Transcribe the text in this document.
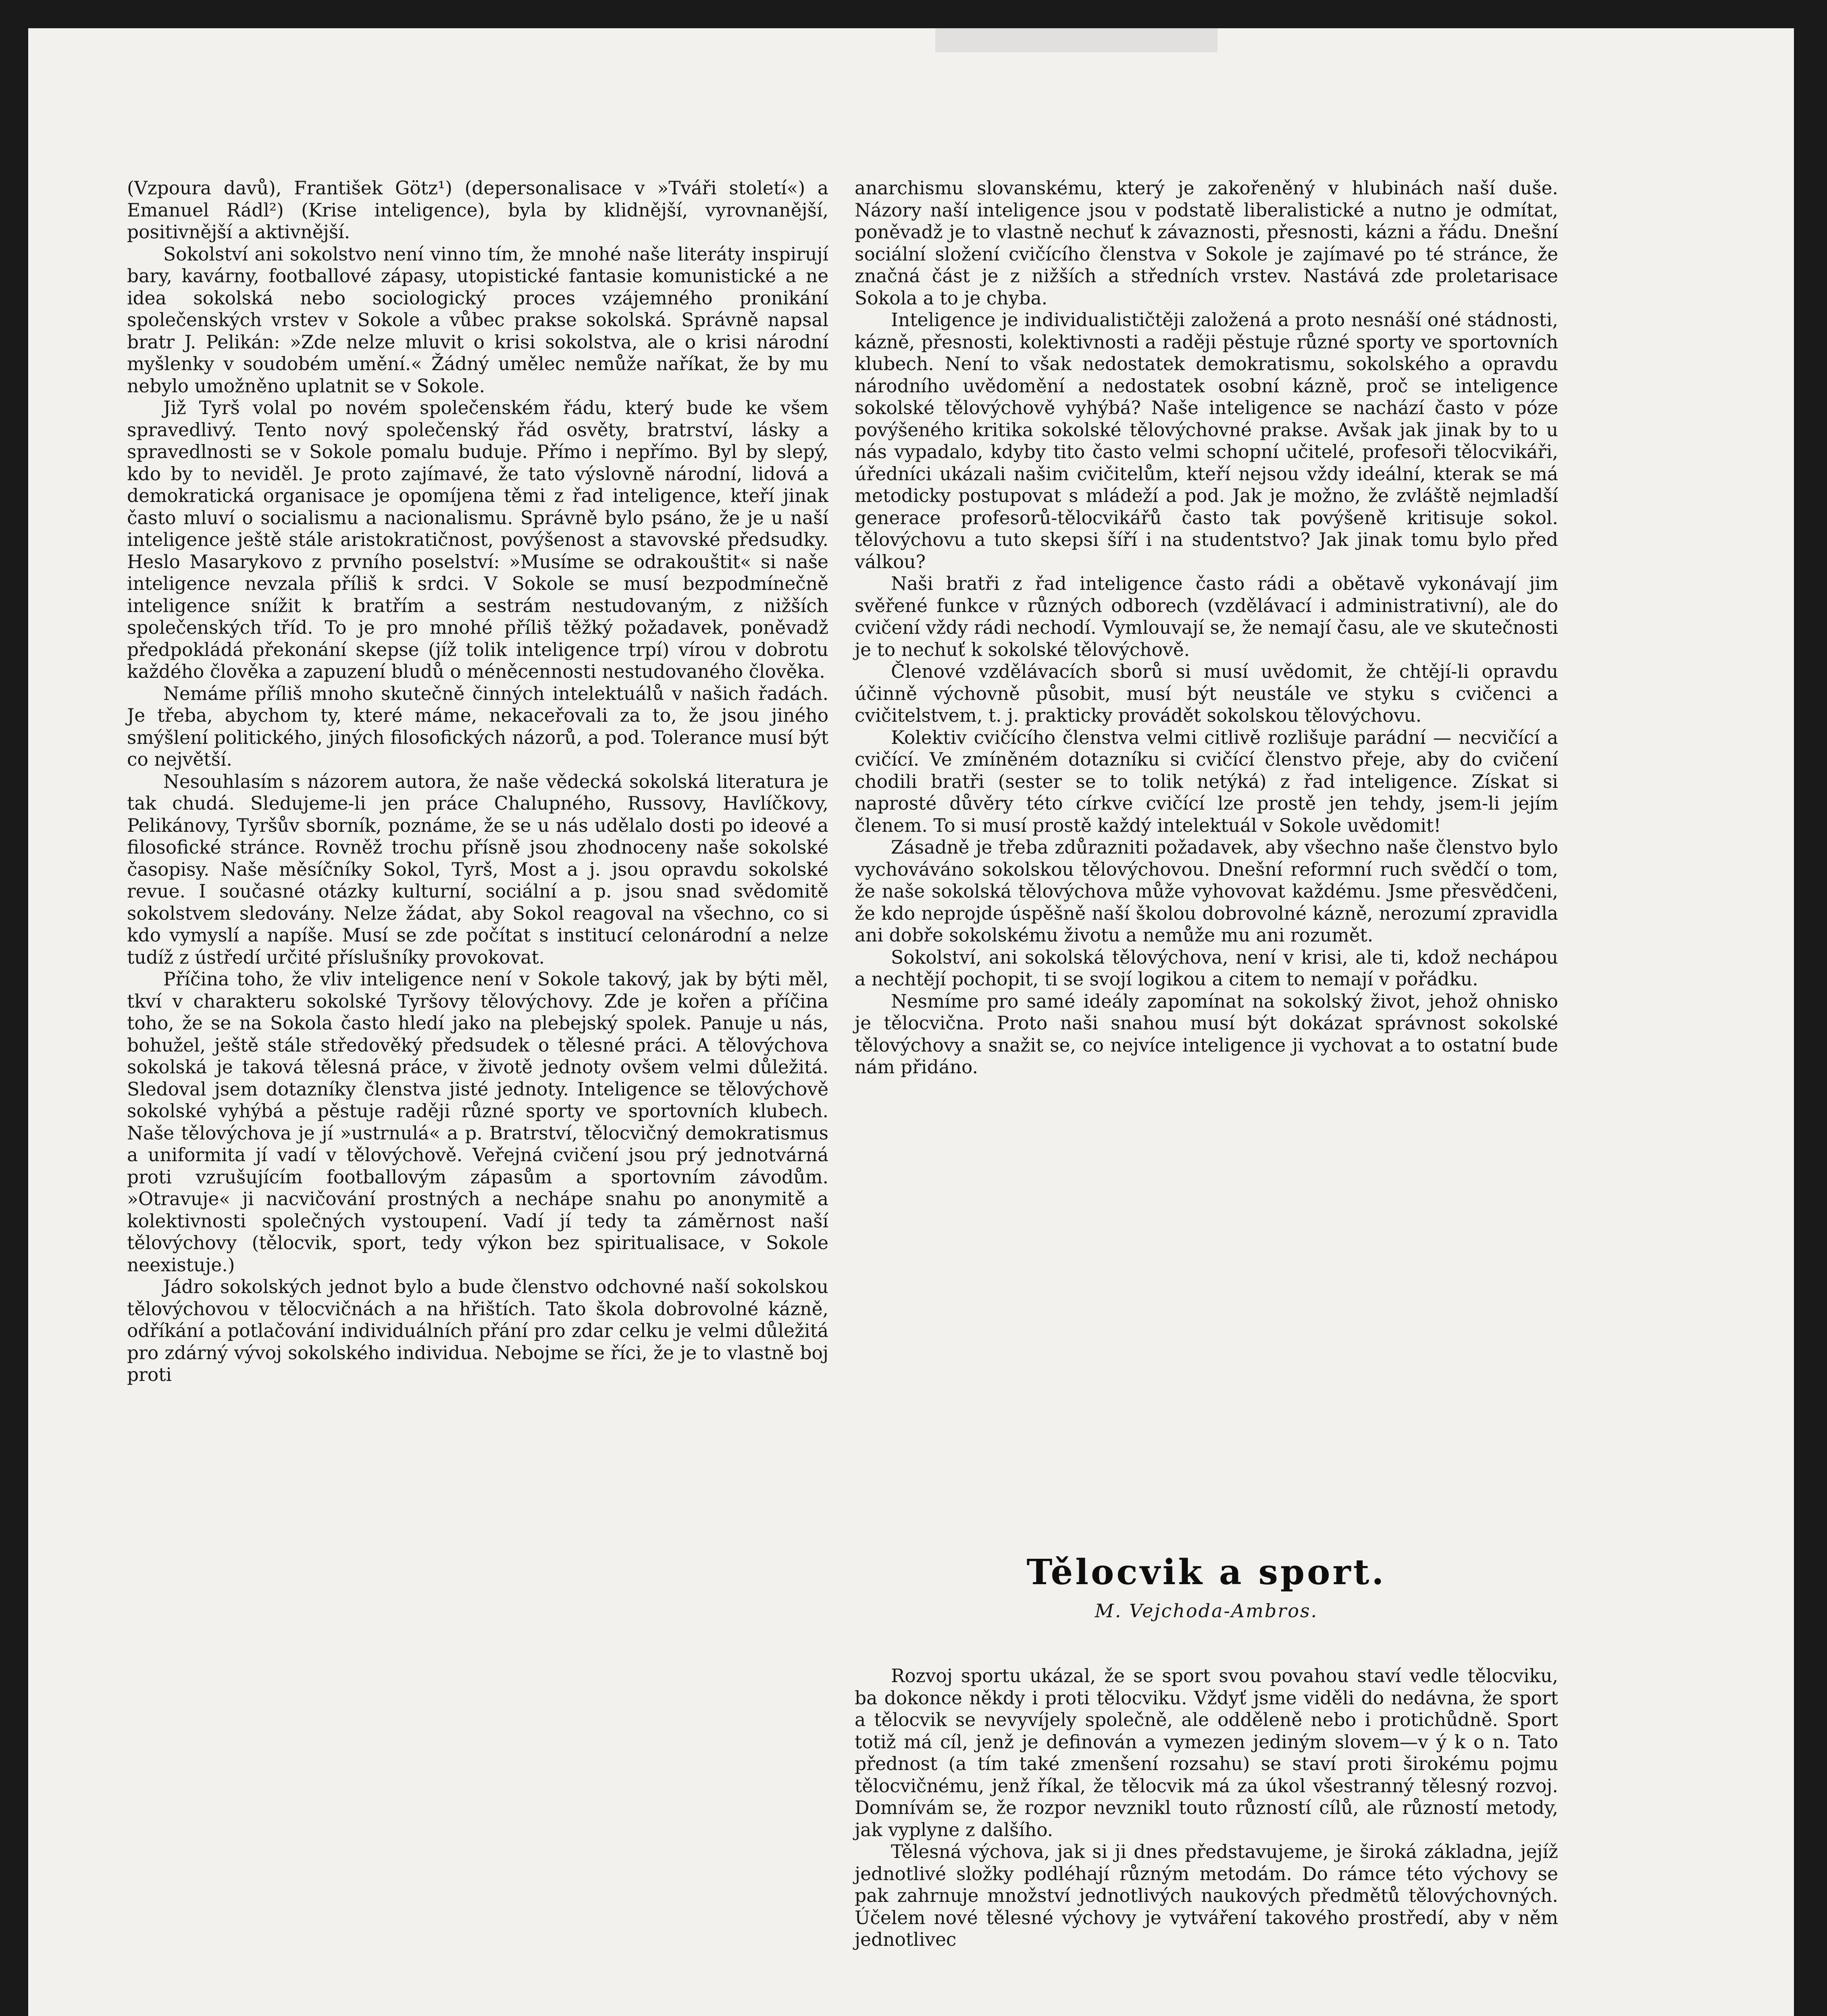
(Vzpoura davů), František Götz¹) (depersonalisace v »Tváři století«) a Emanuel Rádl²) (Krise inteligence), byla by klidnější, vyrovnanější, positivnější a aktivnější.

Sokolství ani sokolstvo není vinno tím, že mnohé naše literáty inspirují bary, kavárny, footballové zápasy, utopistické fantasie komunistické a ne idea sokolská nebo sociologický proces vzájemného pronikání společenských vrstev v Sokole a vůbec prakse sokolská. Správně napsal bratr J. Pelikán: »Zde nelze mluvit o krisi sokolstva, ale o krisi národní myšlenky v soudobém umění.« Žádný umělec nemůže naříkat, že by mu nebylo umožněno uplatnit se v Sokole.

Již Tyrš volal po novém společenském řádu, který bude ke všem spravedlivý. Tento nový společenský řád osvěty, bratrství, lásky a spravedlnosti se v Sokole pomalu buduje. Přímo i nepřímo. Byl by slepý, kdo by to neviděl. Je proto zajímavé, že tato výslovně národní, lidová a demokratická organisace je opomíjena těmi z řad inteligence, kteří jinak často mluví o socialismu a nacionalismu. Správně bylo psáno, že je u naší inteligence ještě stále aristokratičnost, povýšenost a stavovské předsudky. Heslo Masarykovo z prvního poselství: »Musíme se odrakouštit« si naše inteligence nevzala příliš k srdci. V Sokole se musí bezpodmínečně inteligence snížit k bratřím a sestrám nestudovaným, z nižších společenských tříd. To je pro mnohé příliš těžký požadavek, poněvadž předpokládá překonání skepse (jíž tolik inteligence trpí) vírou v dobrotu každého člověka a zapuzení bludů o méněcennosti nestudovaného člověka.

Nemáme příliš mnoho skutečně činných intelektuálů v našich řadách. Je třeba, abychom ty, které máme, nekaceřovali za to, že jsou jiného smýšlení politického, jiných filosofických názorů, a pod. Tolerance musí být co největší.

Nesouhlasím s názorem autora, že naše vědecká sokolská literatura je tak chudá. Sledujeme-li jen práce Chalupného, Russovy, Havlíčkovy, Pelikánovy, Tyršův sborník, poznáme, že se u nás udělalo dosti po ideové a filosofické stránce. Rovněž trochu přísně jsou zhodnoceny naše sokolské časopisy. Naše měsíčníky Sokol, Tyrš, Most a j. jsou opravdu sokolské revue. I současné otázky kulturní, sociální a p. jsou snad svědomitě sokolstvem sledovány. Nelze žádat, aby Sokol reagoval na všechno, co si kdo vymyslí a napíše. Musí se zde počítat s institucí celonárodní a nelze tudíž z ústředí určité příslušníky provokovat.

Příčina toho, že vliv inteligence není v Sokole takový, jak by býti měl, tkví v charakteru sokolské Tyršovy tělovýchovy. Zde je kořen a příčina toho, že se na Sokola často hledí jako na plebejský spolek. Panuje u nás, bohužel, ještě stále středověký předsudek o tělesné práci. A tělovýchova sokolská je taková tělesná práce, v životě jednoty ovšem velmi důležitá. Sledoval jsem dotazníky členstva jisté jednoty. Inteligence se tělovýchově sokolské vyhýbá a pěstuje raději různé sporty ve sportovních klubech. Naše tělovýchova je jí »ustrnulá« a p. Bratrství, tělocvičný demokratismus a uniformita jí vadí v tělovýchově. Veřejná cvičení jsou prý jednotvárná proti vzrušujícím footballovým zápasům a sportovním závodům. »Otravuje« ji nacvičování prostných a nechápe snahu po anonymitě a kolektivnosti společných vystoupení. Vadí jí tedy ta záměrnost naší tělovýchovy (tělocvik, sport, tedy výkon bez spiritualisace, v Sokole neexistuje.)

Jádro sokolských jednot bylo a bude členstvo odchovné naší sokolskou tělovýchovou v tělocvičnách a na hřištích. Tato škola dobrovolné kázně, odříkání a potlačování individuálních přání pro zdar celku je velmi důležitá pro zdárný vývoj sokolského individua. Nebojme se říci, že je to vlastně boj proti

anarchismu slovanskému, který je zakořeněný v hlubinách naší duše. Názory naší inteligence jsou v podstatě liberalistické a nutno je odmítat, poněvadž je to vlastně nechuť k závaznosti, přesnosti, kázni a řádu. Dnešní sociální složení cvičícího členstva v Sokole je zajímavé po té stránce, že značná část je z nižších a středních vrstev. Nastává zde proletarisace Sokola a to je chyba.

Inteligence je individualističtěji založená a proto nesnáší oné stádnosti, kázně, přesnosti, kolektivnosti a raději pěstuje různé sporty ve sportovních klubech. Není to však nedostatek demokratismu, sokolského a opravdu národního uvědomění a nedostatek osobní kázně, proč se inteligence sokolské tělovýchově vyhýbá? Naše inteligence se nachází často v póze povýšeného kritika sokolské tělovýchovné prakse. Avšak jak jinak by to u nás vypadalo, kdyby tito často velmi schopní učitelé, profesoři tělocvikáři, úředníci ukázali našim cvičitelům, kteří nejsou vždy ideální, kterak se má metodicky postupovat s mládeží a pod. Jak je možno, že zvláště nejmladší generace profesorů-tělocvikářů často tak povýšeně kritisuje sokol. tělovýchovu a tuto skepsi šíří i na studentstvo? Jak jinak tomu bylo před válkou?

Naši bratři z řad inteligence často rádi a obětavě vykonávají jim svěřené funkce v různých odborech (vzdělávací i administrativní), ale do cvičení vždy rádi nechodí. Vymlouvají se, že nemají času, ale ve skutečnosti je to nechuť k sokolské tělovýchově.

Členové vzdělávacích sborů si musí uvědomit, že chtějí-li opravdu účinně výchovně působit, musí být neustále ve styku s cvičenci a cvičitelstvem, t. j. prakticky provádět sokolskou tělovýchovu.

Kolektiv cvičícího členstva velmi citlivě rozlišuje parádní — necvičící a cvičící. Ve zmíněném dotazníku si cvičící členstvo přeje, aby do cvičení chodili bratři (sester se to tolik netýká) z řad inteligence. Získat si naprosté důvěry této církve cvičící lze prostě jen tehdy, jsem-li jejím členem. To si musí prostě každý intelektuál v Sokole uvědomit!

Zásadně je třeba zdůrazniti požadavek, aby všechno naše členstvo bylo vychováváno sokolskou tělovýchovou. Dnešní reformní ruch svědčí o tom, že naše sokolská tělovýchova může vyhovovat každému. Jsme přesvědčeni, že kdo neprojde úspěšně naší školou dobrovolné kázně, nerozumí zpravidla ani dobře sokolskému životu a nemůže mu ani rozumět.

Sokolství, ani sokolská tělovýchova, není v krisi, ale ti, kdož nechápou a nechtějí pochopit, ti se svojí logikou a citem to nemají v pořádku.

Nesmíme pro samé ideály zapomínat na sokolský život, jehož ohnisko je tělocvična. Proto naši snahou musí být dokázat správnost sokolské tělovýchovy a snažit se, co nejvíce inteligence ji vychovat a to ostatní bude nám přidáno.

Tělocvik a sport.
M. Vejchoda-Ambros.

Rozvoj sportu ukázal, že se sport svou povahou staví vedle tělocviku, ba dokonce někdy i proti tělocviku. Vždyť jsme viděli do nedávna, že sport a tělocvik se nevyvíjely společně, ale odděleně nebo i protichůdně. Sport totiž má cíl, jenž je definován a vymezen jediným slovem—v ý k o n. Tato přednost (a tím také zmenšení rozsahu) se staví proti širokému pojmu tělocvičnému, jenž říkal, že tělocvik má za úkol všestranný tělesný rozvoj. Domnívám se, že rozpor nevznikl touto růzností cílů, ale růzností metody, jak vyplyne z dalšího.

Tělesná výchova, jak si ji dnes představujeme, je široká základna, jejíž jednotlivé složky podléhají různým metodám. Do rámce této výchovy se pak zahrnuje množství jednotlivých naukových předmětů tělovýchovných. Účelem nové tělesné výchovy je vytváření takového prostředí, aby v něm jednotlivec
